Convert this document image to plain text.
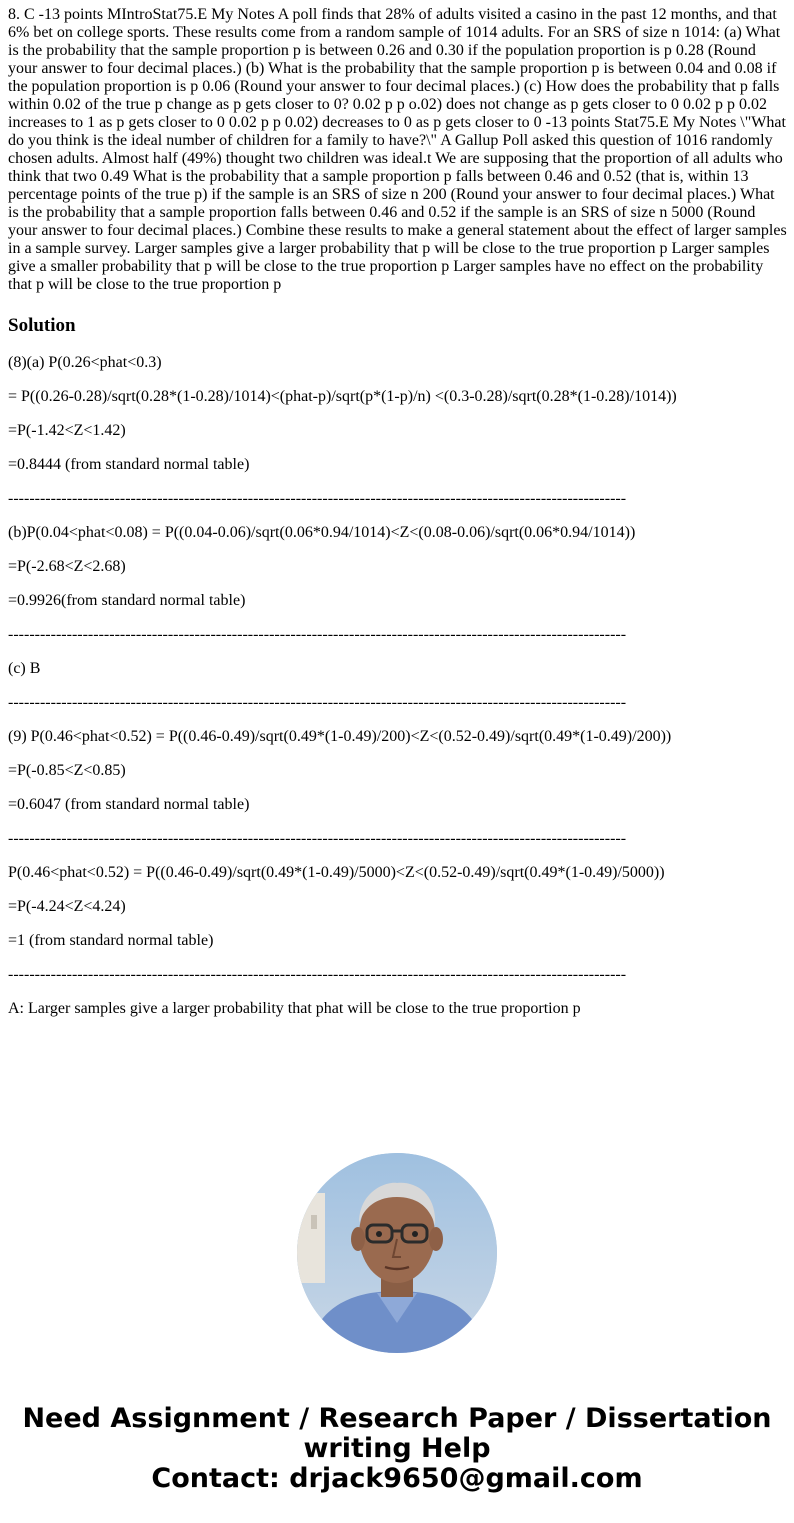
8. C -13 points MIntroStat75.E My Notes A poll finds that 28% of adults visited a casino in the past 12 months, and that 6% bet on college sports. These results come from a random sample of 1014 adults. For an SRS of size n 1014: (a) What is the probability that the sample proportion p is between 0.26 and 0.30 if the population proportion is p 0.28 (Round your answer to four decimal places.) (b) What is the probability that the sample proportion p is between 0.04 and 0.08 if the population proportion is p 0.06 (Round your answer to four decimal places.) (c) How does the probability that p falls within 0.02 of the true p change as p gets closer to 0? 0.02 p p o.02) does not change as p gets closer to 0 0.02 p p 0.02 increases to 1 as p gets closer to 0 0.02 p p 0.02) decreases to 0 as p gets closer to 0 -13 points Stat75.E My Notes \"What do you think is the ideal number of children for a family to have?\" A Gallup Poll asked this question of 1016 randomly chosen adults. Almost half (49%) thought two children was ideal.t We are supposing that the proportion of all adults who think that two 0.49 What is the probability that a sample proportion p falls between 0.46 and 0.52 (that is, within 13 percentage points of the true p) if the sample is an SRS of size n 200 (Round your answer to four decimal places.) What is the probability that a sample proportion falls between 0.46 and 0.52 if the sample is an SRS of size n 5000 (Round your answer to four decimal places.) Combine these results to make a general statement about the effect of larger samples in a sample survey. Larger samples give a larger probability that p will be close to the true proportion p Larger samples give a smaller probability that p will be close to the true proportion p Larger samples have no effect on the probability that p will be close to the true proportion p

Solution

(8)(a) P(0.26<phat<0.3)

= P((0.26-0.28)/sqrt(0.28*(1-0.28)/1014)<(phat-p)/sqrt(p*(1-p)/n) <(0.3-0.28)/sqrt(0.28*(1-0.28)/1014))

=P(-1.42<Z<1.42)

=0.8444 (from standard normal table)

--------------------------------------------------------------------------------------------------------------------

(b)P(0.04<phat<0.08) = P((0.04-0.06)/sqrt(0.06*0.94/1014)<Z<(0.08-0.06)/sqrt(0.06*0.94/1014))

=P(-2.68<Z<2.68)

=0.9926(from standard normal table)

--------------------------------------------------------------------------------------------------------------------

(c) B

--------------------------------------------------------------------------------------------------------------------

(9) P(0.46<phat<0.52) = P((0.46-0.49)/sqrt(0.49*(1-0.49)/200)<Z<(0.52-0.49)/sqrt(0.49*(1-0.49)/200))

=P(-0.85<Z<0.85)

=0.6047 (from standard normal table)

--------------------------------------------------------------------------------------------------------------------

P(0.46<phat<0.52) = P((0.46-0.49)/sqrt(0.49*(1-0.49)/5000)<Z<(0.52-0.49)/sqrt(0.49*(1-0.49)/5000))

=P(-4.24<Z<4.24)

=1 (from standard normal table)

--------------------------------------------------------------------------------------------------------------------

A: Larger samples give a larger probability that phat will be close to the true proportion p

Need Assignment / Research Paper / Dissertation
writing Help
Contact: drjack9650@gmail.com
